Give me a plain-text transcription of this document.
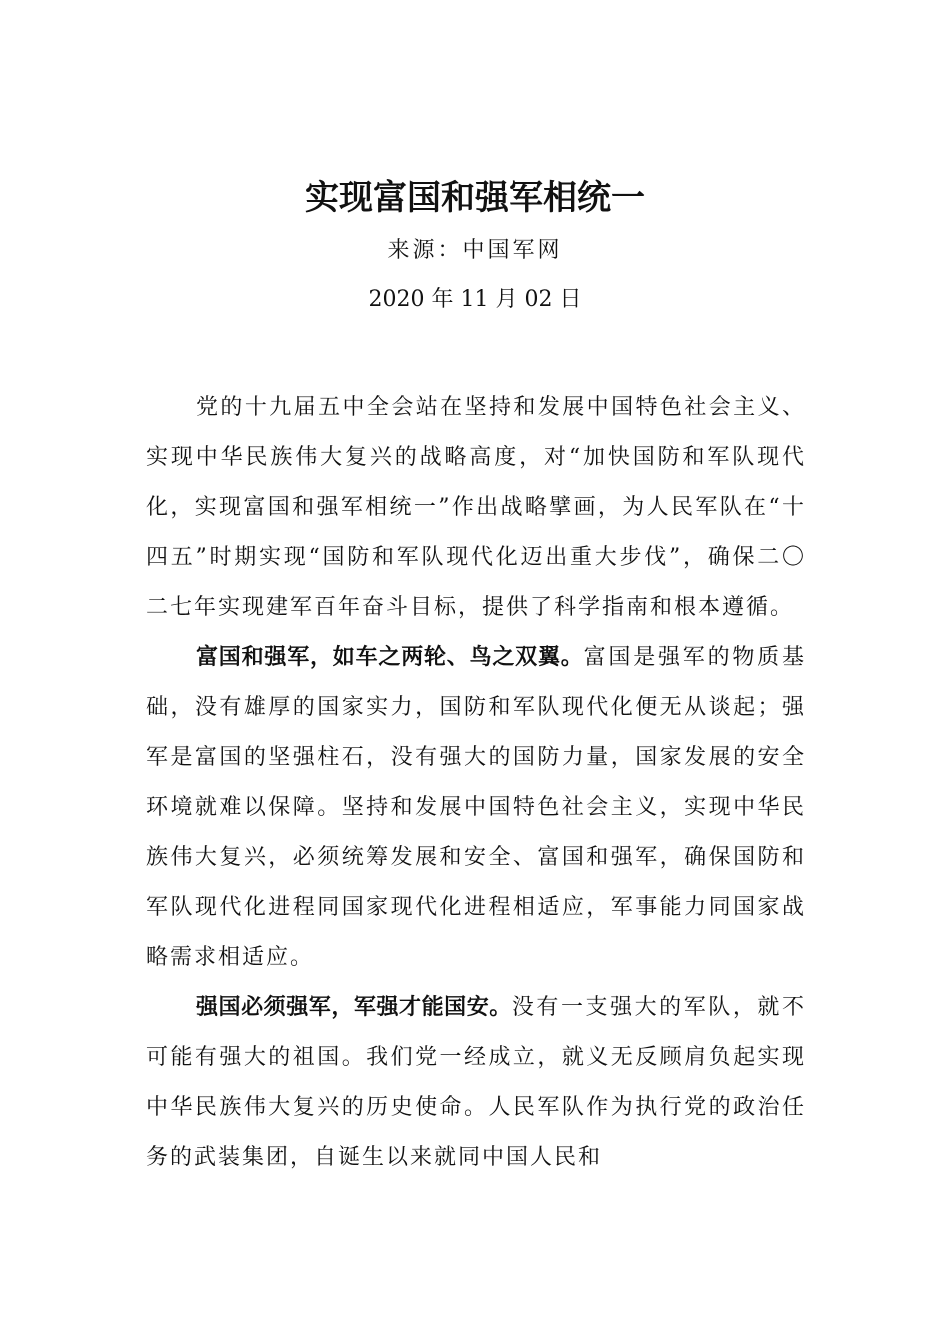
实现富国和强军相统一
来源：中国军网
2020 年 11 月 02 日

党的十九届五中全会站在坚持和发展中国特色社会主义、实现中华民族伟大复兴的战略高度，对“加快国防和军队现代化，实现富国和强军相统一”作出战略擘画，为人民军队在“十四五”时期实现“国防和军队现代化迈出重大步伐”，确保二〇二七年实现建军百年奋斗目标，提供了科学指南和根本遵循。

富国和强军，如车之两轮、鸟之双翼。富国是强军的物质基础，没有雄厚的国家实力，国防和军队现代化便无从谈起；强军是富国的坚强柱石，没有强大的国防力量，国家发展的安全环境就难以保障。坚持和发展中国特色社会主义，实现中华民族伟大复兴，必须统筹发展和安全、富国和强军，确保国防和军队现代化进程同国家现代化进程相适应，军事能力同国家战略需求相适应。

强国必须强军，军强才能国安。没有一支强大的军队，就不可能有强大的祖国。我们党一经成立，就义无反顾肩负起实现中华民族伟大复兴的历史使命。人民军队作为执行党的政治任务的武装集团，自诞生以来就同中国人民和
